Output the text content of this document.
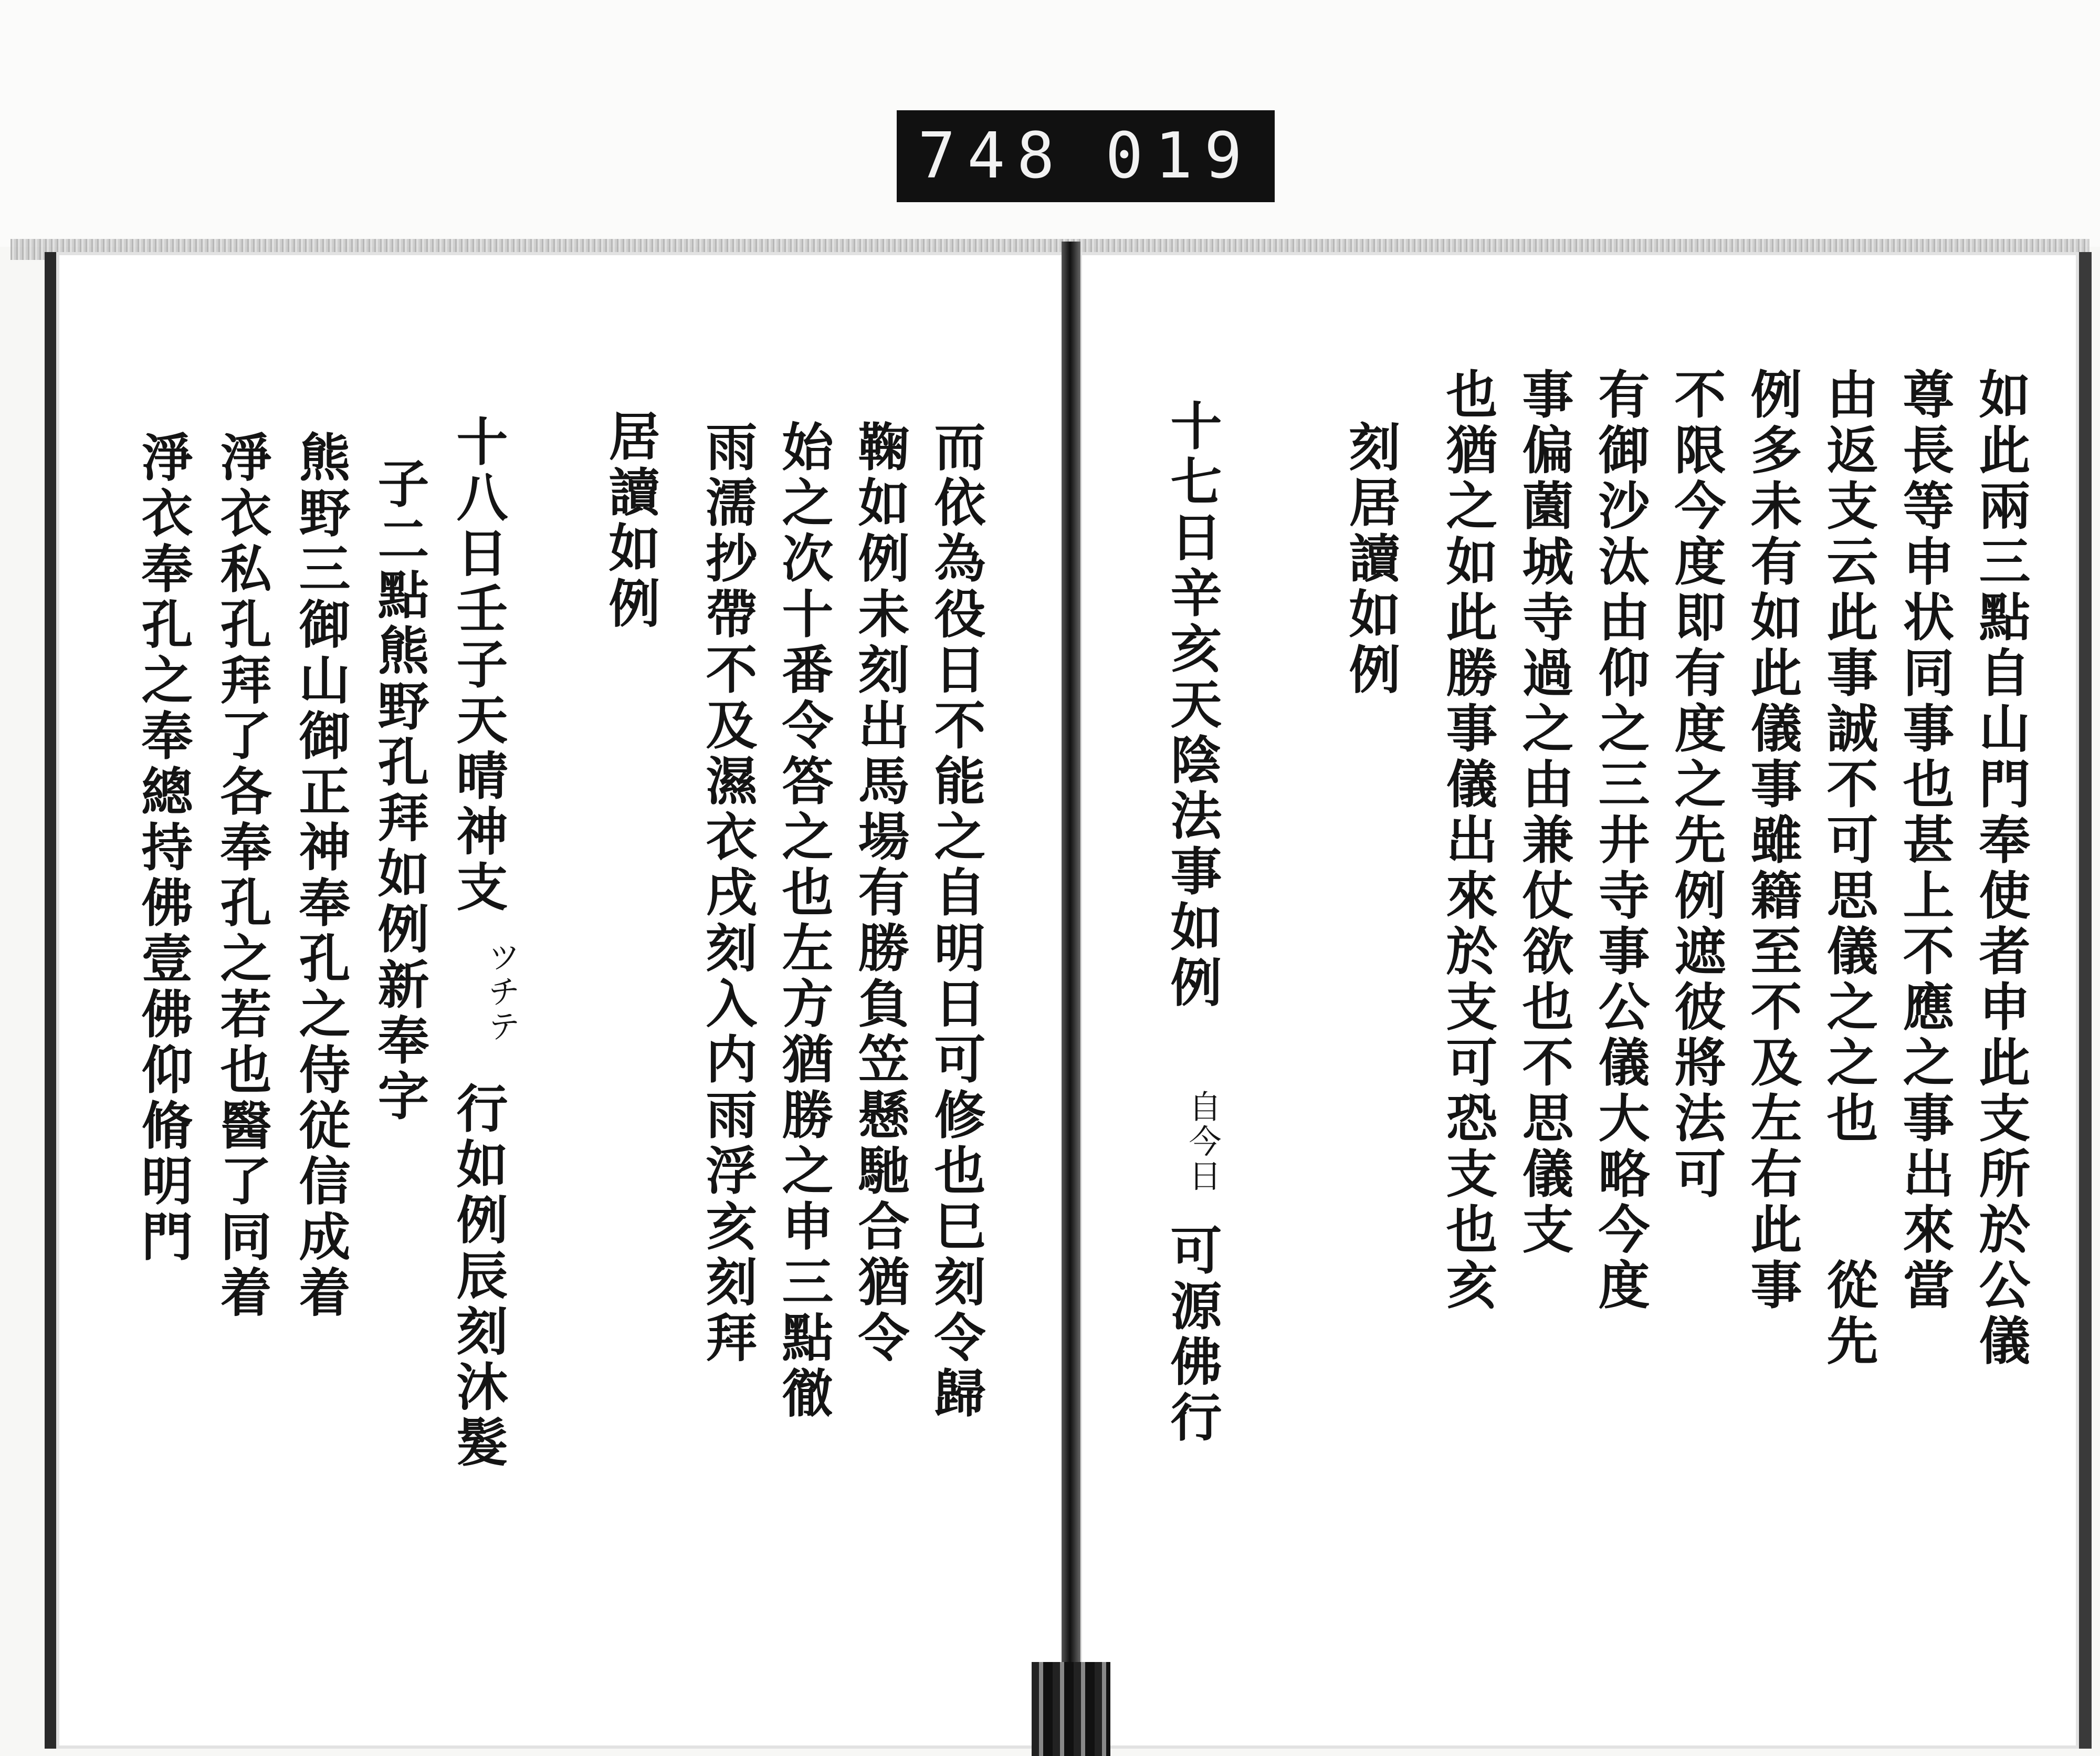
748 019
如此兩三點自山門奉使者申此支所於公儀
尊長等申状同事也甚上不應之事出來當
由返支云此事誠不可思儀之之也　　從先
例多未有如此儀事雖籍至不及左右此事
不限今度即有度之先例遮彼將法可
有御沙汰由仰之三井寺事公儀大略今度
事偏薗城寺過之由兼仗欲也不思儀支
也猶之如此勝事儀出來於支可恐支也亥
刻居讀如例
十七日辛亥天陰法事如例
自今日
可源佛行
而依為役日不能之自明日可修也巳刻令歸
鞠如例未刻出馬場有勝負笠懸馳合猶令
始之次十番令答之也左方猶勝之申三點徹
雨濡抄帶不及濕衣戌刻入内雨浮亥刻拜
居讀如例
十八日壬子天晴神支
ツチテ
行如例辰刻沐髮
子二點熊野孔拜如例新奉字
熊野三御山御正神奉孔之侍従信成着
淨衣私孔拜了各奉孔之若也醫了同着
淨衣奉孔之奉總持佛壹佛仰脩明門
